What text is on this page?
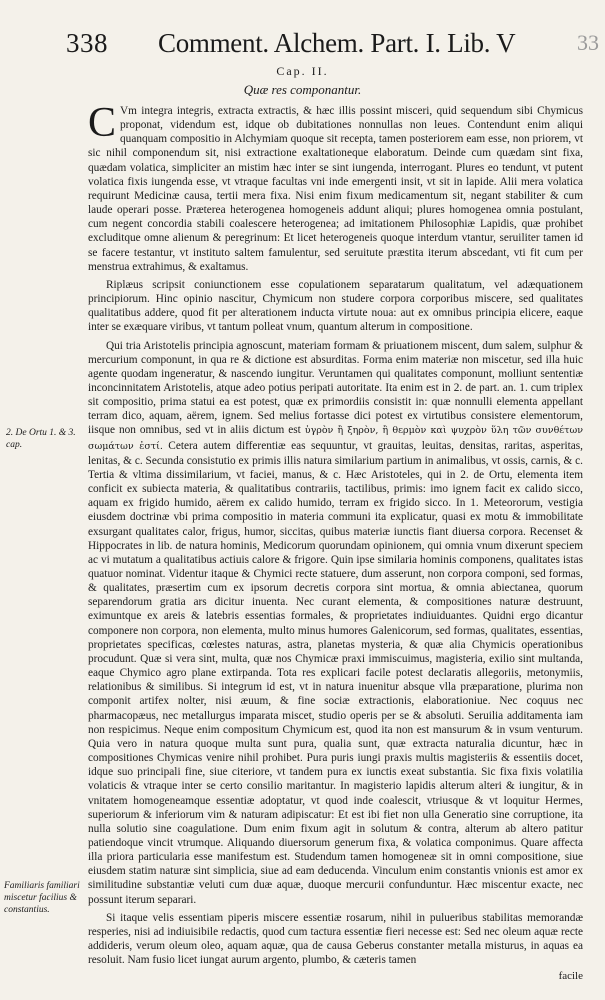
338 Comment. Alchem. Part. I. Lib. V	33
Cap. II.
Quæ res componantur.
2. De Ortu 1. & 3. cap.
Familiaris familiari miscetur facilius & constantius.

C Vm integra integris, extracta extractis, & hæc illis possint misceri, quid sequendum sibi Chymicus proponat, videndum est, idque ob dubitationes nonnullas non leues. Contendunt enim aliqui quanquam compositio in Alchymiam quoque sit recepta, tamen posteriorem eam esse, non priorem, vt sic nihil componendum sit, nisi extractione exaltationeque elaboratum. Deinde cum quædam sint fixa, quædam volatica, simpliciter an mistim hæc inter se sint iungenda, interrogant. Plures eo tendunt, vt putent volatica fixis iungenda esse, vt vtraque facultas vni inde emergenti insit, vt sit in lapide. Alii mera volatica requirunt Medicinæ causa, tertii mera fixa. Nisi enim fixum medicamentum sit, negant stabiliter & cum laude operari posse. Præterea heterogenea homogeneis addunt aliqui; plures homogenea omnia postulant, cum negent concordia stabili coalescere heterogenea; ad imitationem Philosophiæ Lapidis, quæ prohibet excluditque omne alienum & peregrinum: Et licet heterogeneis quoque interdum vtantur, seruiliter tamen id se facere testantur, vt instituto saltem famulentur, sed seruitute præstita iterum abscedant, vti fit cum per menstrua extrahimus, & exaltamus.

Riplæus scripsit coniunctionem esse copulationem separatarum qualitatum, vel adæquationem principiorum. Hinc opinio nascitur, Chymicum non studere corpora corporibus miscere, sed qualitates qualitatibus addere, quod fit per alterationem inducta virtute noua: aut ex omnibus principia elicere, eaque inter se exæquare viribus, vt tantum polleat vnum, quantum alterum in compositione.

Qui tria Aristotelis principia agnoscunt, materiam formam & priuationem miscent, dum salem, sulphur & mercurium componunt, in qua re & dictione est absurditas. Forma enim materiæ non miscetur, sed illa huic agente quodam ingeneratur, & nascendo iungitur. Veruntamen qui qualitates componunt, molliunt sententiæ inconcinnitatem Aristotelis, atque adeo potius peripati autoritate. Ita enim est in 2. de part. an. 1. cum triplex sit compositio, prima statui ea est potest, quæ ex primordiis consistit in: quæ nonnulli elementa appellant terram dico, aquam, aërem, ignem. Sed melius fortasse dici potest ex virtutibus consistere elementorum, iisque non omnibus, sed vt in aliis dictum est ὑγρὸν ἢ ξηρὸν, ἢ θερμὸν καὶ ψυχρὸν ὕλη τῶν συνθέτων σωμάτων ἐστί. Cetera autem differentiæ eas sequuntur, vt grauitas, leuitas, densitas, raritas, asperitas, lenitas, & c. Secunda consistutio ex primis illis natura similarium partium in animalibus, vt ossis, carnis, & c. Tertia & vltima dissimilarium, vt faciei, manus, & c. Hæc Aristoteles, qui in 2. de Ortu, elementa item conficit ex subiecta materia, & qualitatibus contrariis, tactilibus, primis: imo ignem facit ex calido sicco, aquam ex frigido humido, aërem ex calido humido, terram ex frigido sicco. In 1. Meteororum, vestigia eiusdem doctrinæ vbi prima compositio in materia communi ita explicatur, quasi ex motu & immobilitate exsurgant qualitates calor, frigus, humor, siccitas, quibus materiæ iunctis fiant diuersa corpora. Recenset & Hippocrates in lib. de natura hominis, Medicorum quorundam opinionem, qui omnia vnum dixerunt speciem ac vi mutatum a qualitatibus actiuis calore & frigore. Quin ipse similaria hominis componens, qualitates istas quatuor nominat. Videntur itaque & Chymici recte statuere, dum asserunt, non corpora componi, sed formas, & qualitates, præsertim cum ex ipsorum decretis corpora sint mortua, & omnia abiectanea, quorum separendorum gratia ars dicitur inuenta. Nec curant elementa, & compositiones naturæ destruunt, eximuntque ex areis & latebris essentias formales, & proprietates indiuiduantes. Quidni ergo dicantur componere non corpora, non elementa, multo minus humores Galenicorum, sed formas, qualitates, essentias, proprietates specificas, cœlestes naturas, astra, planetas mysteria, & quæ alia Chymicis operationibus procudunt. Quæ si vera sint, multa, quæ nos Chymicæ praxi immiscuimus, magisteria, exilio sint multanda, eaque Chymico agro plane extirpanda. Tota res explicari facile potest declaratis allegoriis, metonymiis, relationibus & similibus. Si integrum id est, vt in natura inuenitur absque vlla præparatione, plurima non componit artifex nolter, nisi æuum, & fine sociæ extractionis, elaborationiue. Nec coquus nec pharmacopæus, nec metallurgus imparata miscet, studio operis per se & absoluti. Seruilia additamenta iam non respicimus. Neque enim compositum Chymicum est, quod ita non est mansurum & in vsum venturum. Quia vero in natura quoque multa sunt pura, qualia sunt, quæ extracta naturalia dicuntur, hæc in compositiones Chymicas venire nihil prohibet. Pura puris iungi praxis multis magisteriis & essentiis docet, idque suo principali fine, siue citeriore, vt tandem pura ex iunctis exeat substantia. Sic fixa fixis volatilia volaticis & vtraque inter se certo consilio maritantur. In magisterio lapidis alterum alteri & iungitur, & in vnitatem homogeneamque essentiæ adoptatur, vt quod inde coalescit, vtriusque & vt loquitur Hermes, superiorum & inferiorum vim & naturam adipiscatur: Et est ibi fiet non ulla Generatio sine corruptione, ita nulla solutio sine coagulatione. Dum enim fixum agit in solutum & contra, alterum ab altero patitur patiendoque vincit vtrumque. Aliquando diuersorum generum fixa, & volatica componimus. Quare affecta illa priora particularia esse manifestum est. Studendum tamen homogeneæ sit in omni compositione, siue eiusdem statim naturæ sint simplicia, siue ad eam deducenda. Vinculum enim constantis vnionis est amor ex similitudine substantiæ veluti cum duæ aquæ, duoque mercurii confunduntur. Hæc miscentur exacte, nec possunt iterum separari.

Si itaque velis essentiam piperis miscere essentiæ rosarum, nihil in pulueribus stabilitas memorandæ resperies, nisi ad indiuisibile redactis, quod cum tactura essentiæ fieri necesse est: Sed nec oleum aquæ recte addideris, verum oleum oleo, aquam aquæ, qua de causa Geberus constanter metalla misturus, in aquas ea resoluit. Nam fusio licet iungat aurum argento, plumbo, & cæteris tamen

facile
